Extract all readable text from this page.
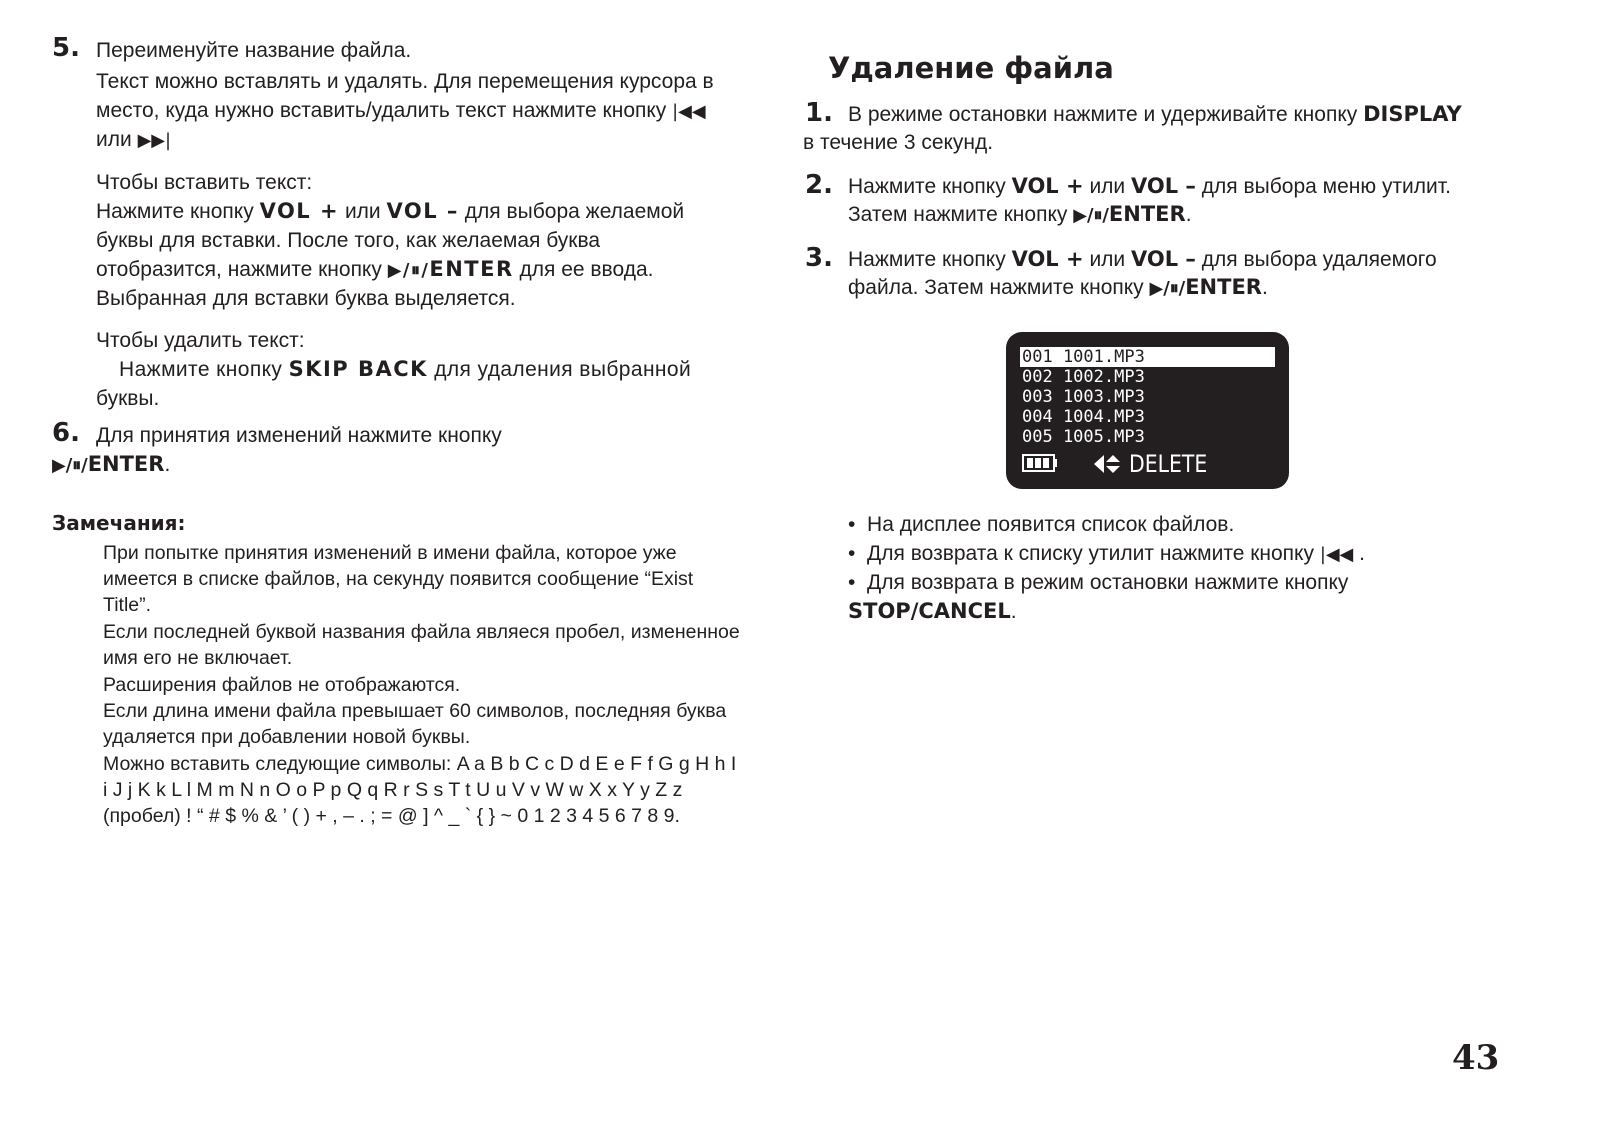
5. Переименуйте название файла.
Текст можно вставлять и удалять. Для перемещения курсора в
место, куда нужно вставить/удалить текст нажмите кнопку |◀◀
или ▶▶|
Чтобы вставить текст:
Нажмите кнопку VOL + или VOL – для выбора желаемой
буквы для вставки. После того, как желаемая буква
отобразится, нажмите кнопку ▶/⏸/ENTER для ее ввода.
Выбранная для вставки буква выделяется.
Чтобы удалить текст:
Нажмите кнопку SKIP BACK для удаления выбранной
буквы.
6. Для принятия изменений нажмите кнопку
▶/⏸/ENTER.
Замечания:
При попытке принятия изменений в имени файла, которое уже
имеется в списке файлов, на секунду появится сообщение “Exist
Title”.
Если последней буквой названия файла являеся пробел, измененное
имя его не включает.
Расширения файлов не отображаются.
Если длина имени файла превышает 60 символов, последняя буква
удаляется при добавлении новой буквы.
Можно вставить следующие символы: A a B b C c D d E e F f G g H h I
i J j K k L l M m N n O o P p Q q R r S s T t U u V v W w X x Y y Z z
(пробел) ! “ # $ % & ’ ( ) + , – . ; = @ ] ^ _ ` { } ~ 0 1 2 3 4 5 6 7 8 9.
Удаление файла
1. В режиме остановки нажмите и удерживайте кнопку DISPLAY
в течение 3 секунд.
2. Нажмите кнопку VOL + или VOL – для выбора меню утилит.
Затем нажмите кнопку ▶/⏸/ENTER.
3. Нажмите кнопку VOL + или VOL – для выбора удаляемого
файла. Затем нажмите кнопку ▶/⏸/ENTER.
001 1001.MP3
002 1002.MP3
003 1003.MP3
004 1004.MP3
005 1005.MP3
DELETE
•  На дисплее появится список файлов.
•  Для возврата к списку утилит нажмите кнопку |◀◀ .
•  Для возврата в режим остановки нажмите кнопку
STOP/CANCEL.
43
